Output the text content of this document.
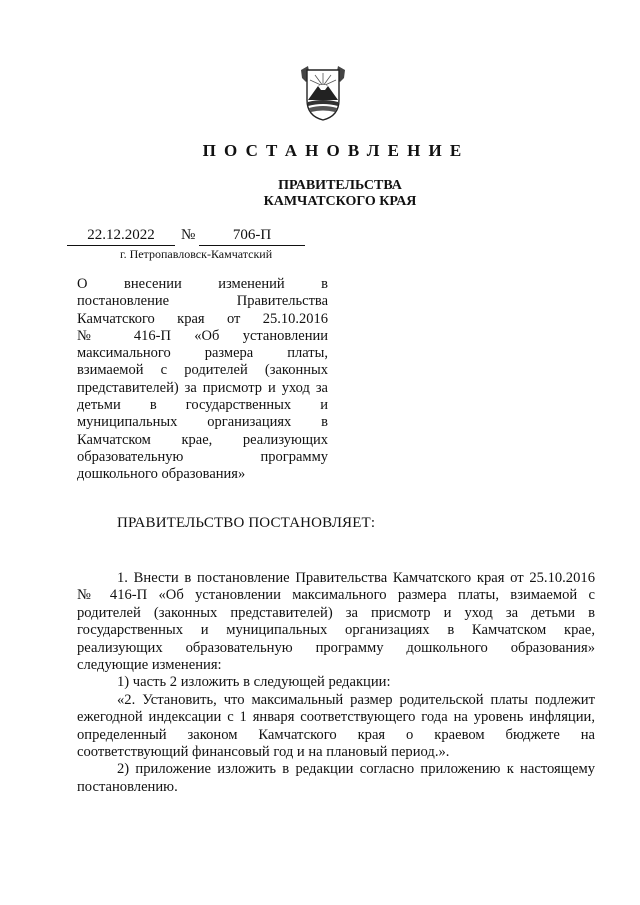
ПОСТАНОВЛЕНИЕ
ПРАВИТЕЛЬСТВА
КАМЧАТСКОГО КРАЯ
22.12.2022	№	706-П
г. Петропавловск-Камчатский
О внесении изменений в
постановление Правительства
Камчатского края от 25.10.2016
№ 416-П «Об установлении
максимального размера платы,
взимаемой с родителей (законных
представителей) за присмотр и уход за
детьми в государственных и
муниципальных организациях в
Камчатском крае, реализующих
образовательную программу
дошкольного образования»
ПРАВИТЕЛЬСТВО ПОСТАНОВЛЯЕТ:
1. Внести в постановление Правительства Камчатского края от 25.10.2016
№ 416-П «Об установлении максимального размера платы, взимаемой с
родителей (законных представителей) за присмотр и уход за детьми в
государственных и муниципальных организациях в Камчатском крае,
реализующих образовательную программу дошкольного образования»
следующие изменения:
1) часть 2 изложить в следующей редакции:
«2. Установить, что максимальный размер родительской платы подлежит
ежегодной индексации с 1 января соответствующего года на уровень инфляции,
определенный законом Камчатского края о краевом бюджете на
соответствующий финансовый год и на плановый период.».
2) приложение изложить в редакции согласно приложению к настоящему
постановлению.
